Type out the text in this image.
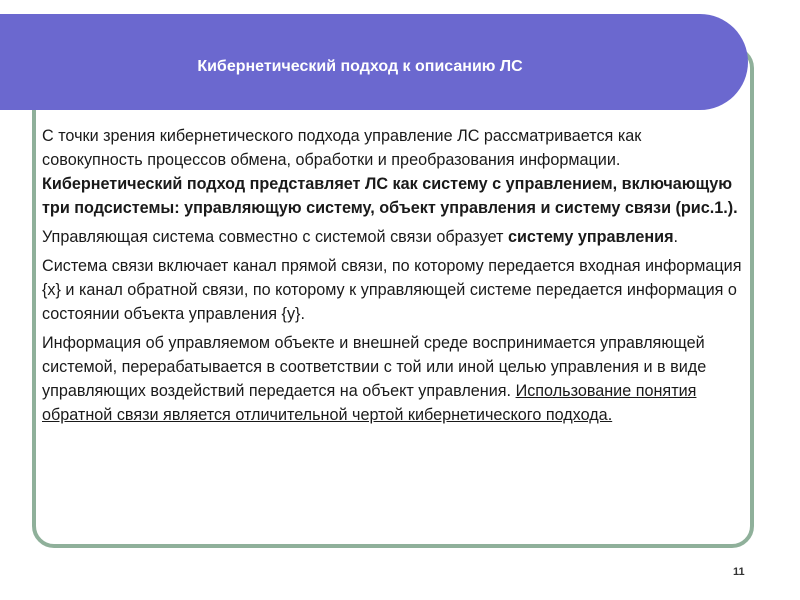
Кибернетический подход к описанию ЛС

С точки зрения кибернетического подхода управление ЛС рассматривается как совокупность процессов обмена, обработки и преобразования информации. Кибернетический подход представляет ЛС как систему с управлением, включающую три подсистемы: управляющую систему, объект управления и систему связи (рис.1.).

Управляющая система совместно с системой связи образует систему управления.

Система связи включает канал прямой связи, по которому передается входная информация {x} и канал обратной связи, по которому к управляющей системе передается информация о состоянии объекта управления {y}.

Информация об управляемом объекте и внешней среде воспринимается управляющей системой, перерабатывается в соответствии с той или иной целью управления и в виде управляющих воздействий передается на объект управления. Использование понятия обратной связи является отличительной чертой кибернетического подхода.

11
